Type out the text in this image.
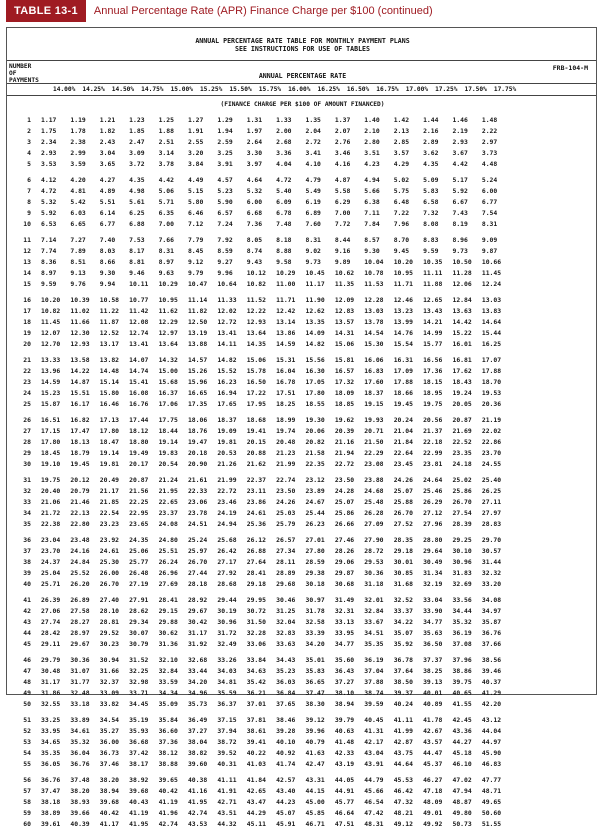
TABLE 13-1	Annual Percentage Rate (APR) Finance Charge per $100 (continued)
ANNUAL PERCENTAGE RATE TABLE FOR MONTHLY PAYMENT PLANS
SEE INSTRUCTIONS FOR USE OF TABLES
FRB-104-M
NUMBER
OF	ANNUAL PERCENTAGE RATE
PAYMENTS
14.00%	14.25%	14.50%	14.75%	15.00%	15.25%	15.50%	15.75%	16.00%	16.25%	16.50%	16.75%	17.00%	17.25%	17.50%	17.75%
(FINANCE CHARGE PER $100 OF AMOUNT FINANCED)
1	1.17	1.19	1.21	1.23	1.25	1.27	1.29	1.31	1.33	1.35	1.37	1.40	1.42	1.44	1.46	1.48
2	1.75	1.78	1.82	1.85	1.88	1.91	1.94	1.97	2.00	2.04	2.07	2.10	2.13	2.16	2.19	2.22
3	2.34	2.38	2.43	2.47	2.51	2.55	2.59	2.64	2.68	2.72	2.76	2.80	2.85	2.89	2.93	2.97
4	2.93	2.99	3.04	3.09	3.14	3.20	3.25	3.30	3.36	3.41	3.46	3.51	3.57	3.62	3.67	3.73
5	3.53	3.59	3.65	3.72	3.78	3.84	3.91	3.97	4.04	4.10	4.16	4.23	4.29	4.35	4.42	4.48
6	4.12	4.20	4.27	4.35	4.42	4.49	4.57	4.64	4.72	4.79	4.87	4.94	5.02	5.09	5.17	5.24
7	4.72	4.81	4.89	4.98	5.06	5.15	5.23	5.32	5.40	5.49	5.58	5.66	5.75	5.83	5.92	6.00
8	5.32	5.42	5.51	5.61	5.71	5.80	5.90	6.00	6.09	6.19	6.29	6.38	6.48	6.58	6.67	6.77
9	5.92	6.03	6.14	6.25	6.35	6.46	6.57	6.68	6.78	6.89	7.00	7.11	7.22	7.32	7.43	7.54
10	6.53	6.65	6.77	6.88	7.00	7.12	7.24	7.36	7.48	7.60	7.72	7.84	7.96	8.08	8.19	8.31
11	7.14	7.27	7.40	7.53	7.66	7.79	7.92	8.05	8.18	8.31	8.44	8.57	8.70	8.83	8.96	9.09
12	7.74	7.89	8.03	8.17	8.31	8.45	8.59	8.74	8.88	9.02	9.16	9.30	9.45	9.59	9.73	9.87
13	8.36	8.51	8.66	8.81	8.97	9.12	9.27	9.43	9.58	9.73	9.89	10.04	10.20	10.35	10.50	10.66
14	8.97	9.13	9.30	9.46	9.63	9.79	9.96	10.12	10.29	10.45	10.62	10.78	10.95	11.11	11.28	11.45
15	9.59	9.76	9.94	10.11	10.29	10.47	10.64	10.82	11.00	11.17	11.35	11.53	11.71	11.88	12.06	12.24
16	10.20	10.39	10.58	10.77	10.95	11.14	11.33	11.52	11.71	11.90	12.09	12.28	12.46	12.65	12.84	13.03
17	10.82	11.02	11.22	11.42	11.62	11.82	12.02	12.22	12.42	12.62	12.83	13.03	13.23	13.43	13.63	13.83
18	11.45	11.66	11.87	12.08	12.29	12.50	12.72	12.93	13.14	13.35	13.57	13.78	13.99	14.21	14.42	14.64
19	12.07	12.30	12.52	12.74	12.97	13.19	13.41	13.64	13.86	14.09	14.31	14.54	14.76	14.99	15.22	15.44
20	12.70	12.93	13.17	13.41	13.64	13.88	14.11	14.35	14.59	14.82	15.06	15.30	15.54	15.77	16.01	16.25
21	13.33	13.58	13.82	14.07	14.32	14.57	14.82	15.06	15.31	15.56	15.81	16.06	16.31	16.56	16.81	17.07
22	13.96	14.22	14.48	14.74	15.00	15.26	15.52	15.78	16.04	16.30	16.57	16.83	17.09	17.36	17.62	17.88
23	14.59	14.87	15.14	15.41	15.68	15.96	16.23	16.50	16.78	17.05	17.32	17.60	17.88	18.15	18.43	18.70
24	15.23	15.51	15.80	16.08	16.37	16.65	16.94	17.22	17.51	17.80	18.09	18.37	18.66	18.95	19.24	19.53
25	15.87	16.17	16.46	16.76	17.06	17.35	17.65	17.95	18.25	18.55	18.85	19.15	19.45	19.75	20.05	20.36
26	16.51	16.82	17.13	17.44	17.75	18.06	18.37	18.68	18.99	19.30	19.62	19.93	20.24	20.56	20.87	21.19
27	17.15	17.47	17.80	18.12	18.44	18.76	19.09	19.41	19.74	20.06	20.39	20.71	21.04	21.37	21.69	22.02
28	17.80	18.13	18.47	18.80	19.14	19.47	19.81	20.15	20.48	20.82	21.16	21.50	21.84	22.18	22.52	22.86
29	18.45	18.79	19.14	19.49	19.83	20.18	20.53	20.88	21.23	21.58	21.94	22.29	22.64	22.99	23.35	23.70
30	19.10	19.45	19.81	20.17	20.54	20.90	21.26	21.62	21.99	22.35	22.72	23.08	23.45	23.81	24.18	24.55
31	19.75	20.12	20.49	20.87	21.24	21.61	21.99	22.37	22.74	23.12	23.50	23.88	24.26	24.64	25.02	25.40
32	20.40	20.79	21.17	21.56	21.95	22.33	22.72	23.11	23.50	23.89	24.28	24.68	25.07	25.46	25.86	26.25
33	21.06	21.46	21.85	22.25	22.65	23.06	23.46	23.86	24.26	24.67	25.07	25.48	25.88	26.29	26.70	27.11
34	21.72	22.13	22.54	22.95	23.37	23.78	24.19	24.61	25.03	25.44	25.86	26.28	26.70	27.12	27.54	27.97
35	22.38	22.80	23.23	23.65	24.08	24.51	24.94	25.36	25.79	26.23	26.66	27.09	27.52	27.96	28.39	28.83
36	23.04	23.48	23.92	24.35	24.80	25.24	25.68	26.12	26.57	27.01	27.46	27.90	28.35	28.80	29.25	29.70
37	23.70	24.16	24.61	25.06	25.51	25.97	26.42	26.88	27.34	27.80	28.26	28.72	29.18	29.64	30.10	30.57
38	24.37	24.84	25.30	25.77	26.24	26.70	27.17	27.64	28.11	28.59	29.06	29.53	30.01	30.49	30.96	31.44
39	25.04	25.52	26.00	26.48	26.96	27.44	27.92	28.41	28.89	29.38	29.87	30.36	30.85	31.34	31.83	32.32
40	25.71	26.20	26.70	27.19	27.69	28.18	28.68	29.18	29.68	30.18	30.68	31.18	31.68	32.19	32.69	33.20
41	26.39	26.89	27.40	27.91	28.41	28.92	29.44	29.95	30.46	30.97	31.49	32.01	32.52	33.04	33.56	34.08
42	27.06	27.58	28.10	28.62	29.15	29.67	30.19	30.72	31.25	31.78	32.31	32.84	33.37	33.90	34.44	34.97
43	27.74	28.27	28.81	29.34	29.88	30.42	30.96	31.50	32.04	32.58	33.13	33.67	34.22	34.77	35.32	35.87
44	28.42	28.97	29.52	30.07	30.62	31.17	31.72	32.28	32.83	33.39	33.95	34.51	35.07	35.63	36.19	36.76
45	29.11	29.67	30.23	30.79	31.36	31.92	32.49	33.06	33.63	34.20	34.77	35.35	35.92	36.50	37.08	37.66
46	29.79	30.36	30.94	31.52	32.10	32.68	33.26	33.84	34.43	35.01	35.60	36.19	36.78	37.37	37.96	38.56
47	30.48	31.07	31.66	32.25	32.84	33.44	34.03	34.63	35.23	35.83	36.43	37.04	37.64	38.25	38.86	39.46
48	31.17	31.77	32.37	32.98	33.59	34.20	34.81	35.42	36.03	36.65	37.27	37.88	38.50	39.13	39.75	40.37
49	31.86	32.48	33.09	33.71	34.34	34.96	35.59	36.21	36.84	37.47	38.10	38.74	39.37	40.01	40.65	41.29
50	32.55	33.18	33.82	34.45	35.09	35.73	36.37	37.01	37.65	38.30	38.94	39.59	40.24	40.89	41.55	42.20
51	33.25	33.89	34.54	35.19	35.84	36.49	37.15	37.81	38.46	39.12	39.79	40.45	41.11	41.78	42.45	43.12
52	33.95	34.61	35.27	35.93	36.60	37.27	37.94	38.61	39.28	39.96	40.63	41.31	41.99	42.67	43.36	44.04
53	34.65	35.32	36.00	36.68	37.36	38.04	38.72	39.41	40.10	40.79	41.48	42.17	42.87	43.57	44.27	44.97
54	35.35	36.04	36.73	37.42	38.12	38.82	39.52	40.22	40.92	41.63	42.33	43.04	43.75	44.47	45.18	45.90
55	36.05	36.76	37.46	38.17	38.88	39.60	40.31	41.03	41.74	42.47	43.19	43.91	44.64	45.37	46.10	46.83
56	36.76	37.48	38.20	38.92	39.65	40.38	41.11	41.84	42.57	43.31	44.05	44.79	45.53	46.27	47.02	47.77
57	37.47	38.20	38.94	39.68	40.42	41.16	41.91	42.65	43.40	44.15	44.91	45.66	46.42	47.18	47.94	48.71
58	38.18	38.93	39.68	40.43	41.19	41.95	42.71	43.47	44.23	45.00	45.77	46.54	47.32	48.09	48.87	49.65
59	38.89	39.66	40.42	41.19	41.96	42.74	43.51	44.29	45.07	45.85	46.64	47.42	48.21	49.01	49.80	50.60
60	39.61	40.39	41.17	41.95	42.74	43.53	44.32	45.11	45.91	46.71	47.51	48.31	49.12	49.92	50.73	51.55
